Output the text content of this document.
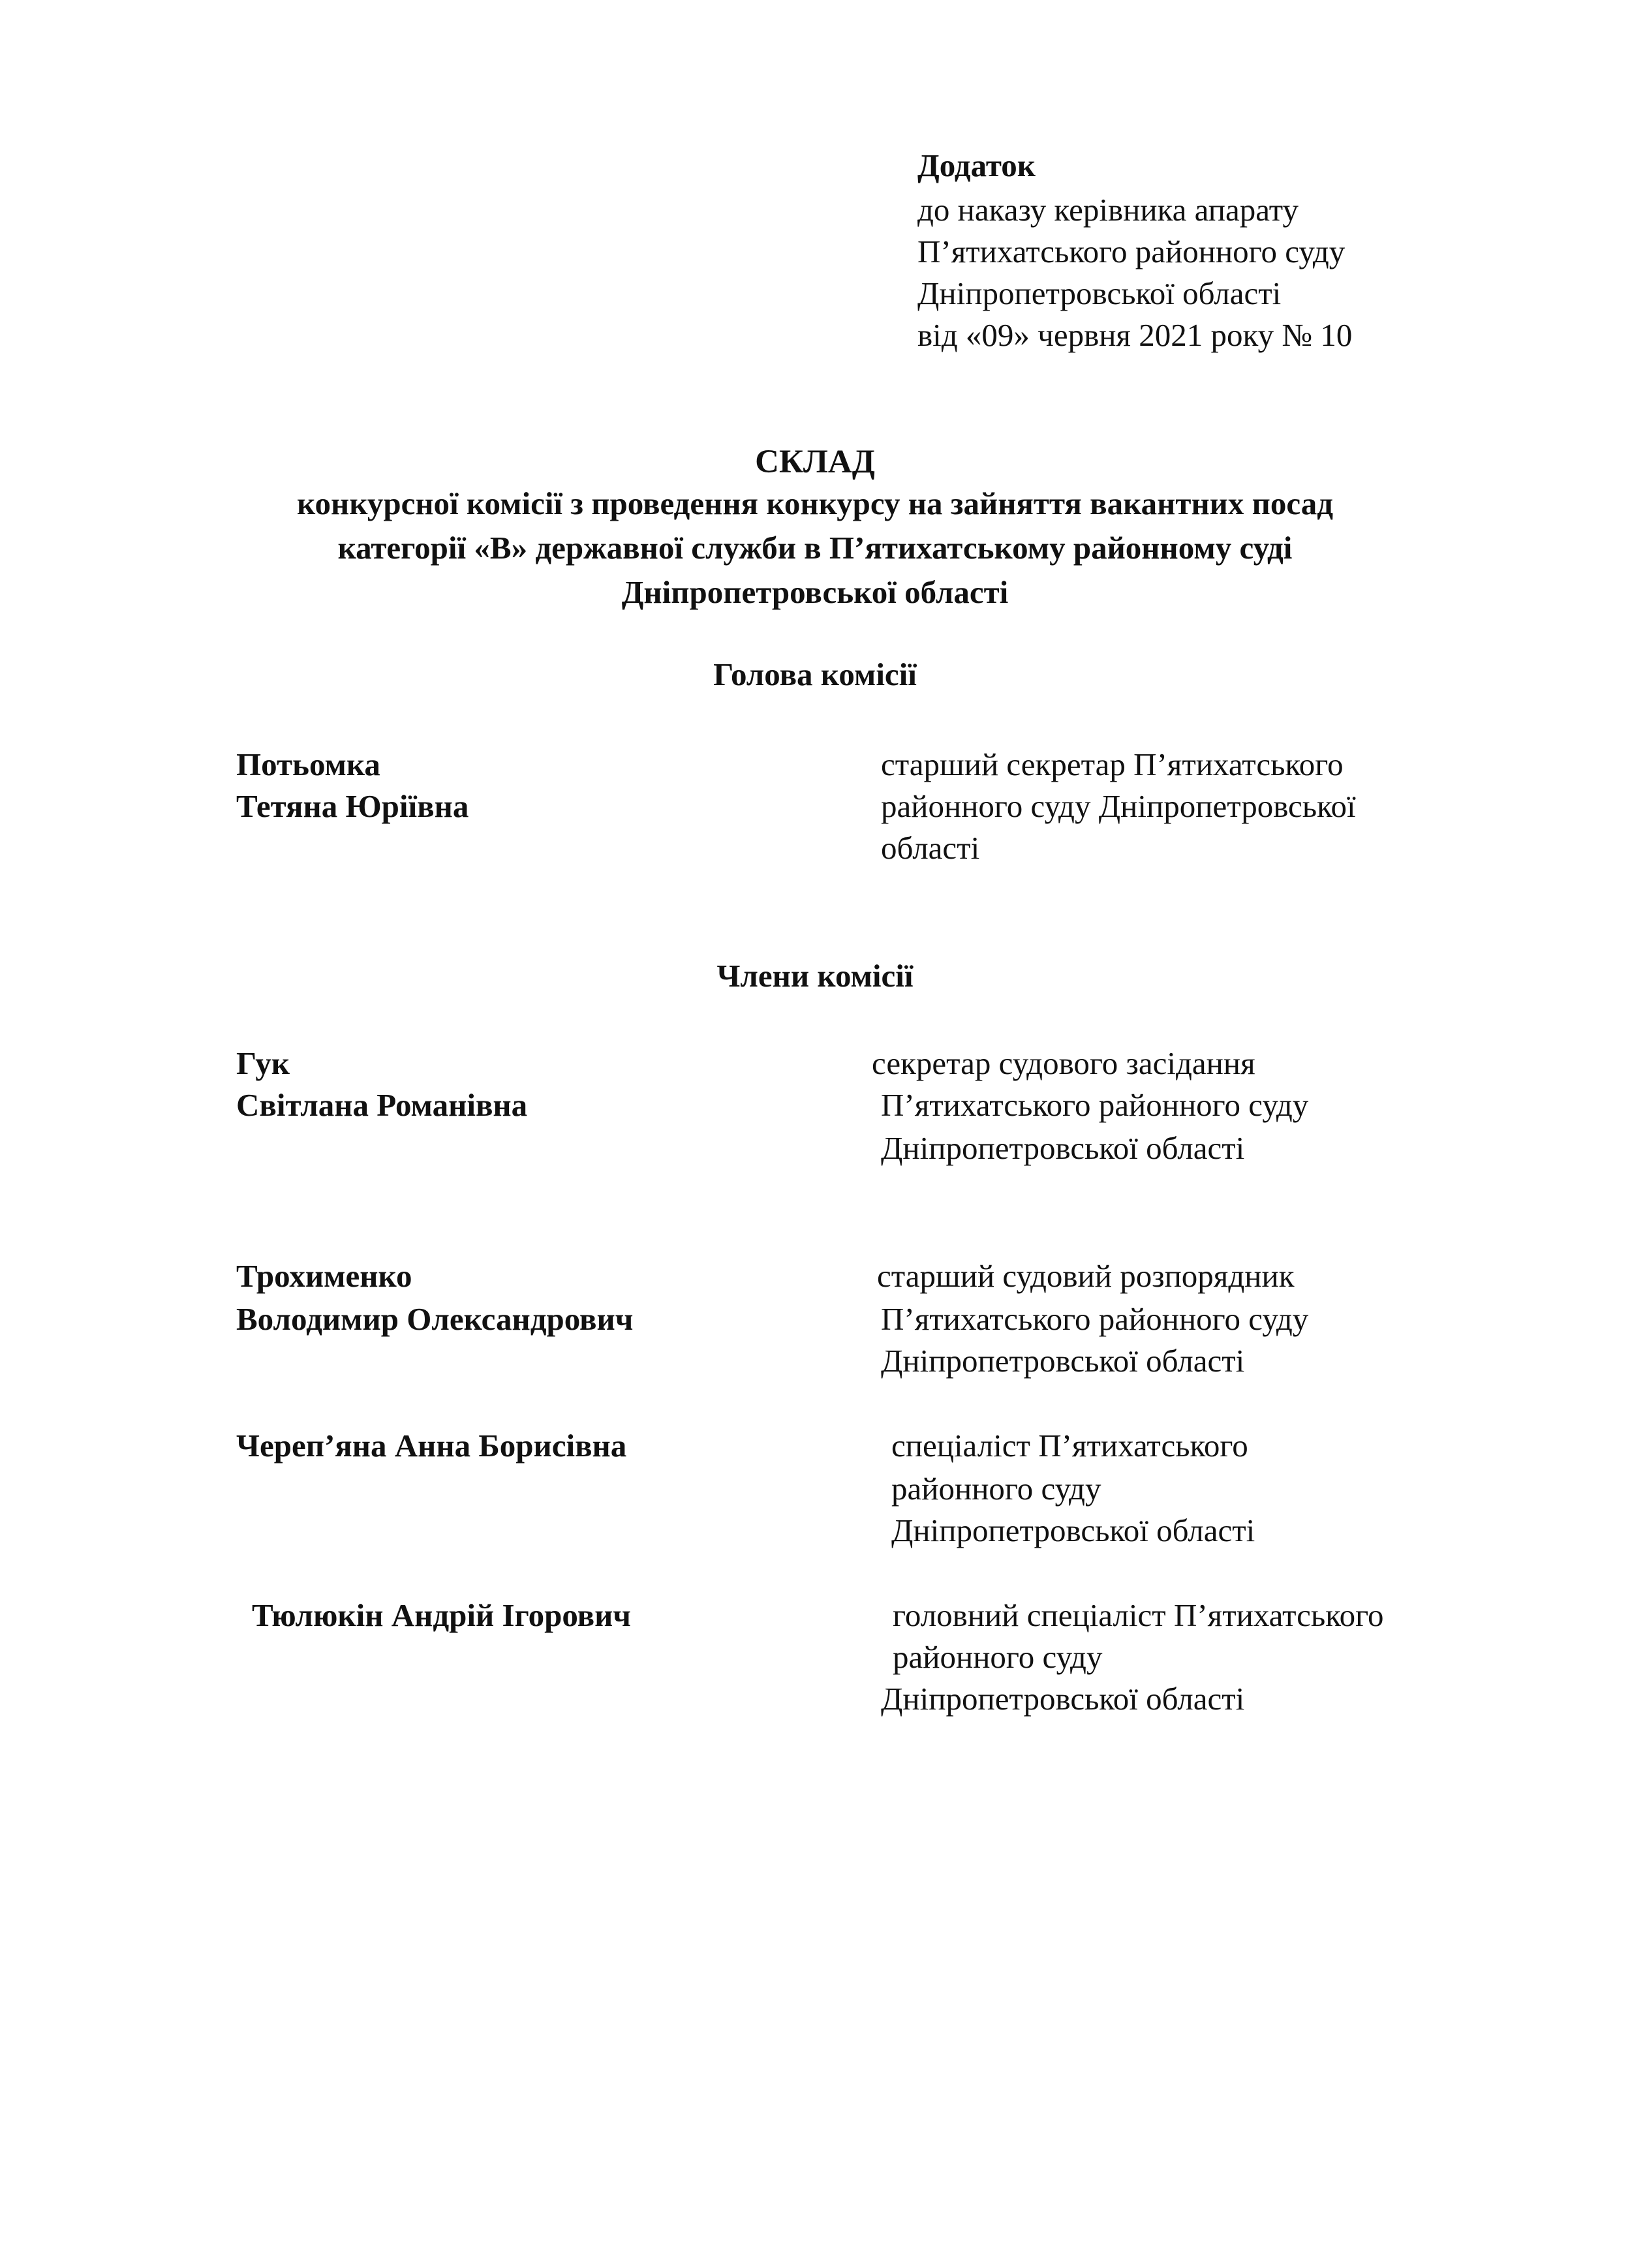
Додаток
до наказу керівника апарату
П’ятихатського районного суду
Дніпропетровської області
від «09» червня 2021 року № 10
СКЛАД
конкурсної комісії з проведення конкурсу на зайняття вакантних посад
категорії «В» державної служби в П’ятихатському районному суді
Дніпропетровської області
Голова комісії
Потьомка
Тетяна Юріївна
старший секретар П’ятихатського
районного суду Дніпропетровської
області
Члени комісії
Гук
Світлана Романівна
секретар судового засідання
П’ятихатського районного суду
Дніпропетровської області
Трохименко
Володимир Олександрович
старший судовий розпорядник
П’ятихатського районного суду
Дніпропетровської області
Череп’яна Анна Борисівна	спеціаліст П’ятихатського
районного суду
Дніпропетровської області
Тюлюкін Андрій Ігорович	головний спеціаліст П’ятихатського
районного суду
Дніпропетровської області
